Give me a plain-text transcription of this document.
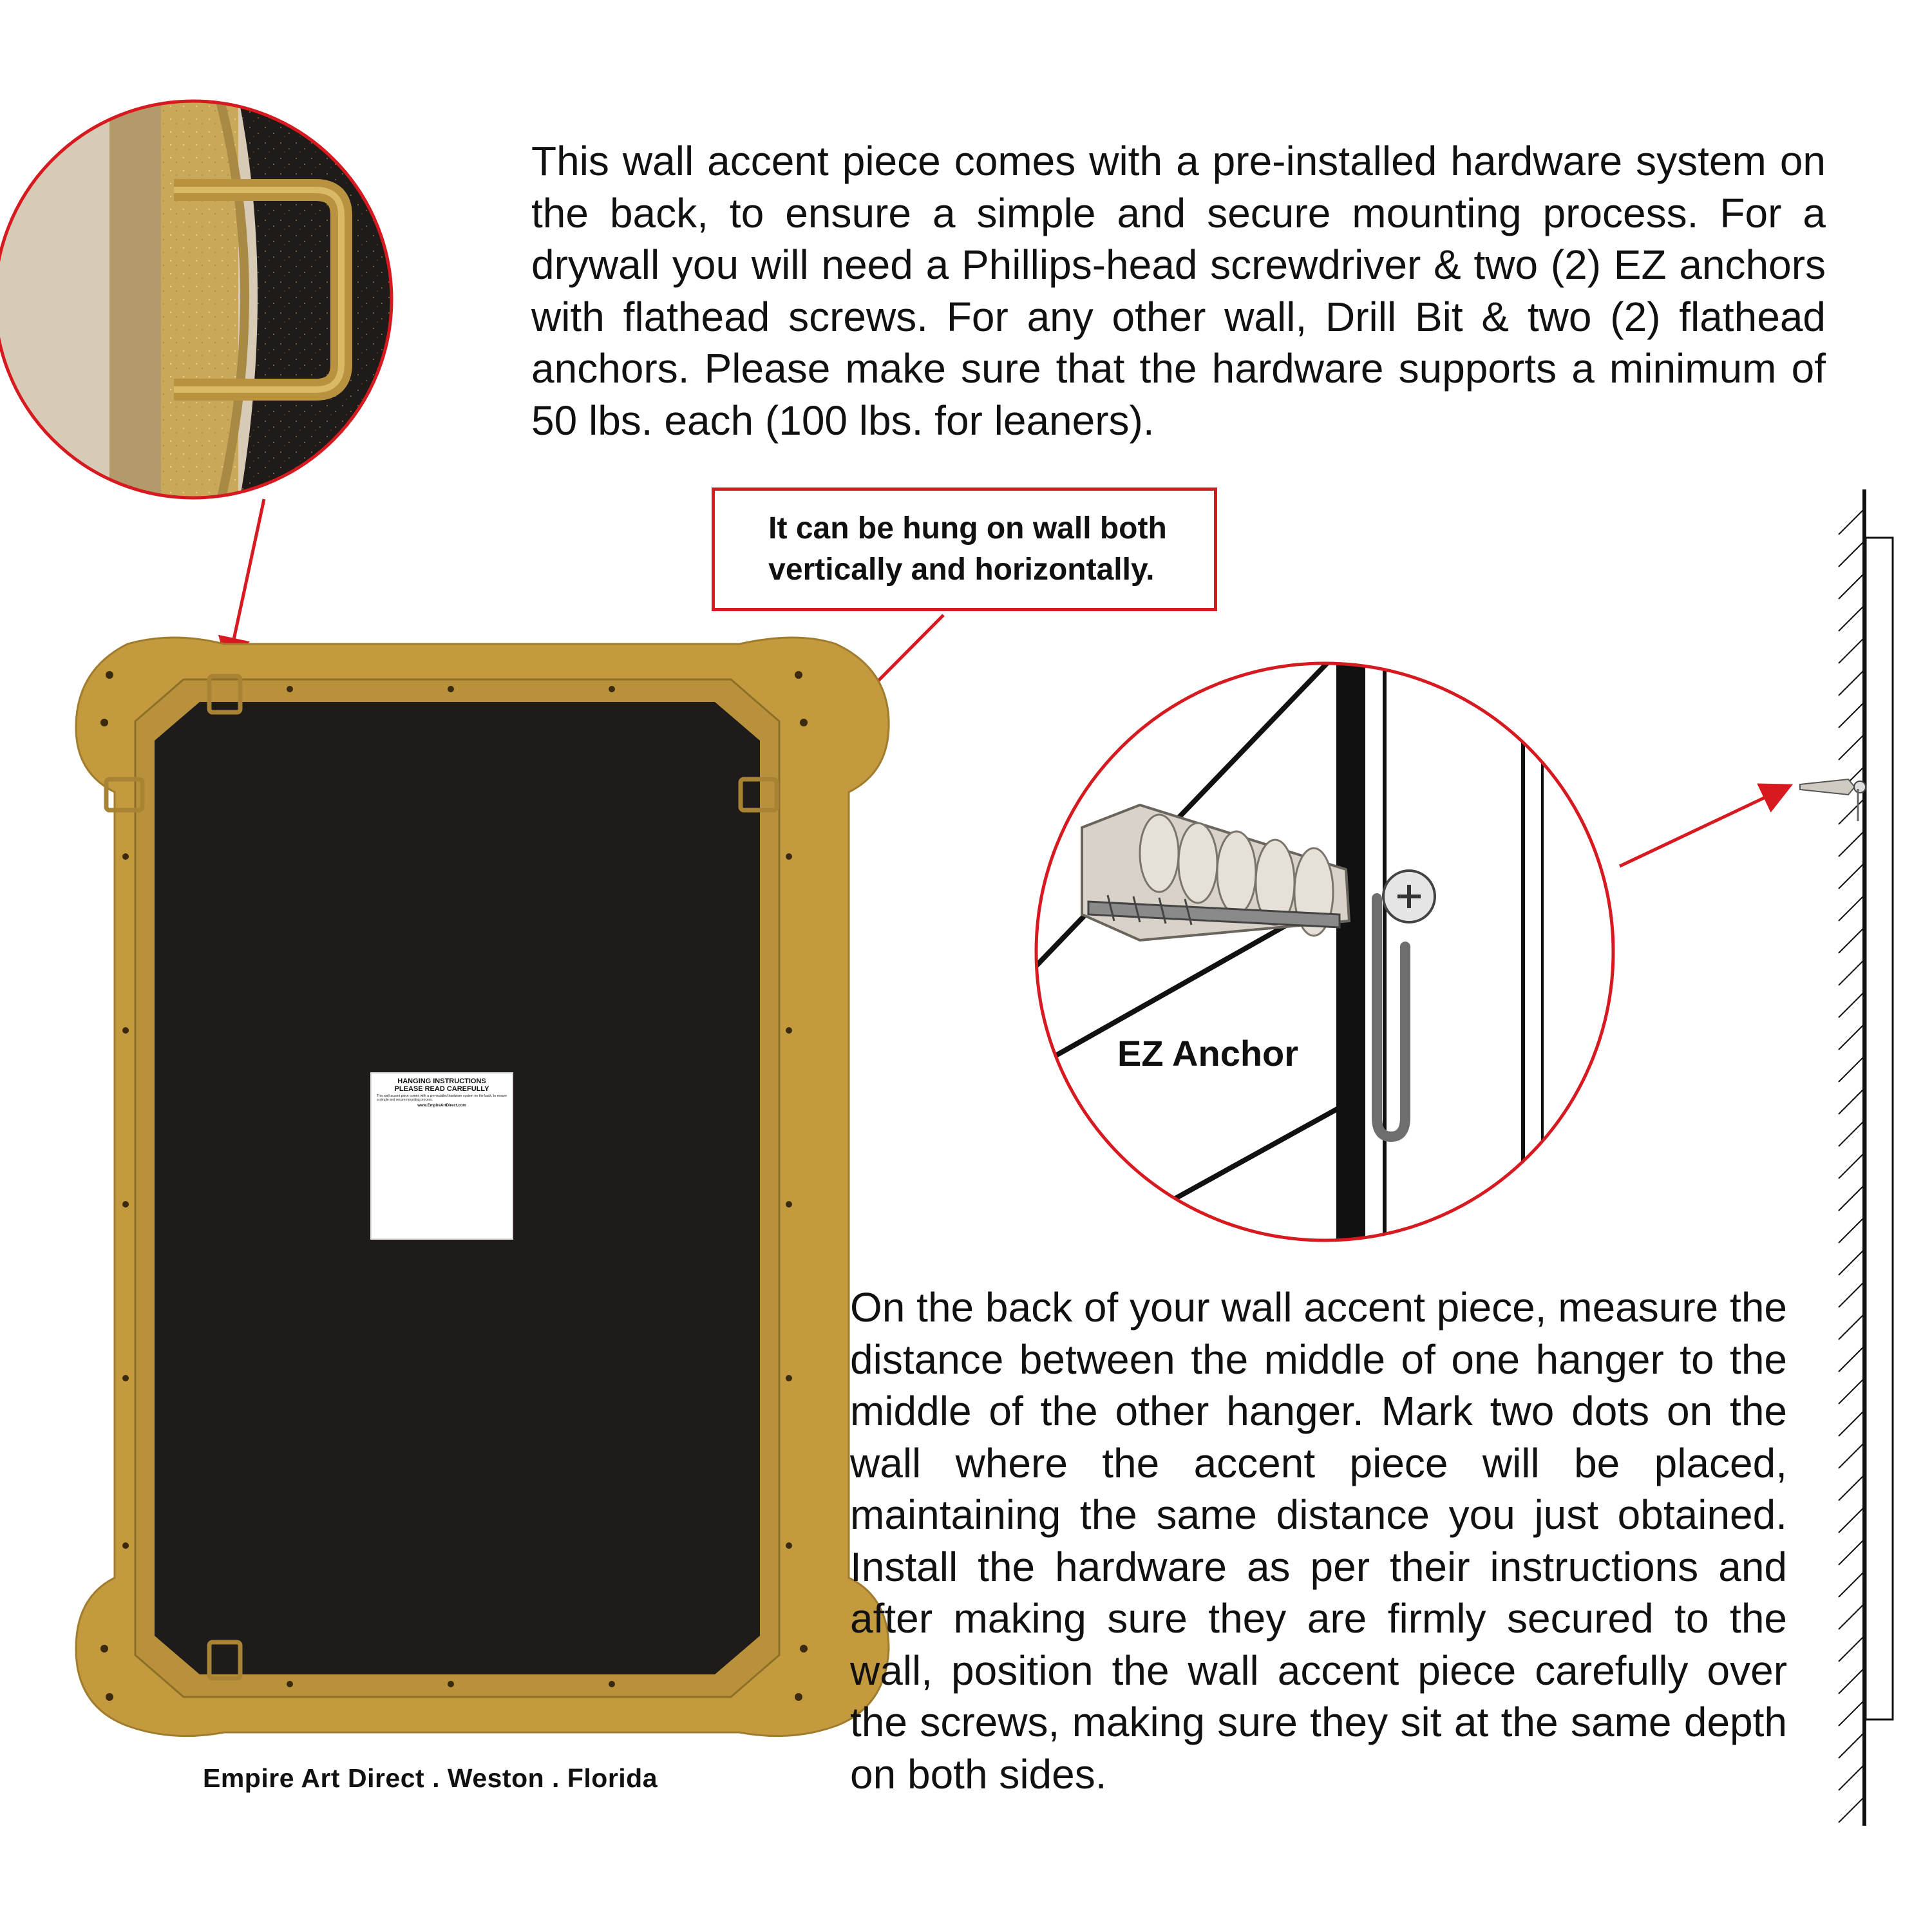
This wall accent piece comes with a pre-installed hardware system on the back, to ensure a simple and secure mounting process. For a drywall you will need a Phillips-head screwdriver & two (2) EZ anchors with flathead screws. For any other wall, Drill Bit & two (2) flathead anchors. Please make sure that the hardware supports a minimum of 50 lbs. each (100 lbs. for leaners).
It can be hung on wall both
vertically and horizontally.
EZ Anchor
HANGING INSTRUCTIONS
PLEASE READ CAREFULLY
This wall accent piece comes with a pre-installed hardware system on the back, to ensure a simple and secure mounting process.
www.EmpireArtDirect.com
On the back of your wall accent piece, measure the distance between the middle of one hanger to the middle of the other hanger. Mark two dots on the wall where the accent piece will be placed, maintaining the same distance you just obtained. Install the hardware as per their instructions and after making sure they are firmly secured to the wall, position the wall accent piece carefully over the screws, making sure they sit at the same depth on both sides.
Empire Art Direct . Weston . Florida
